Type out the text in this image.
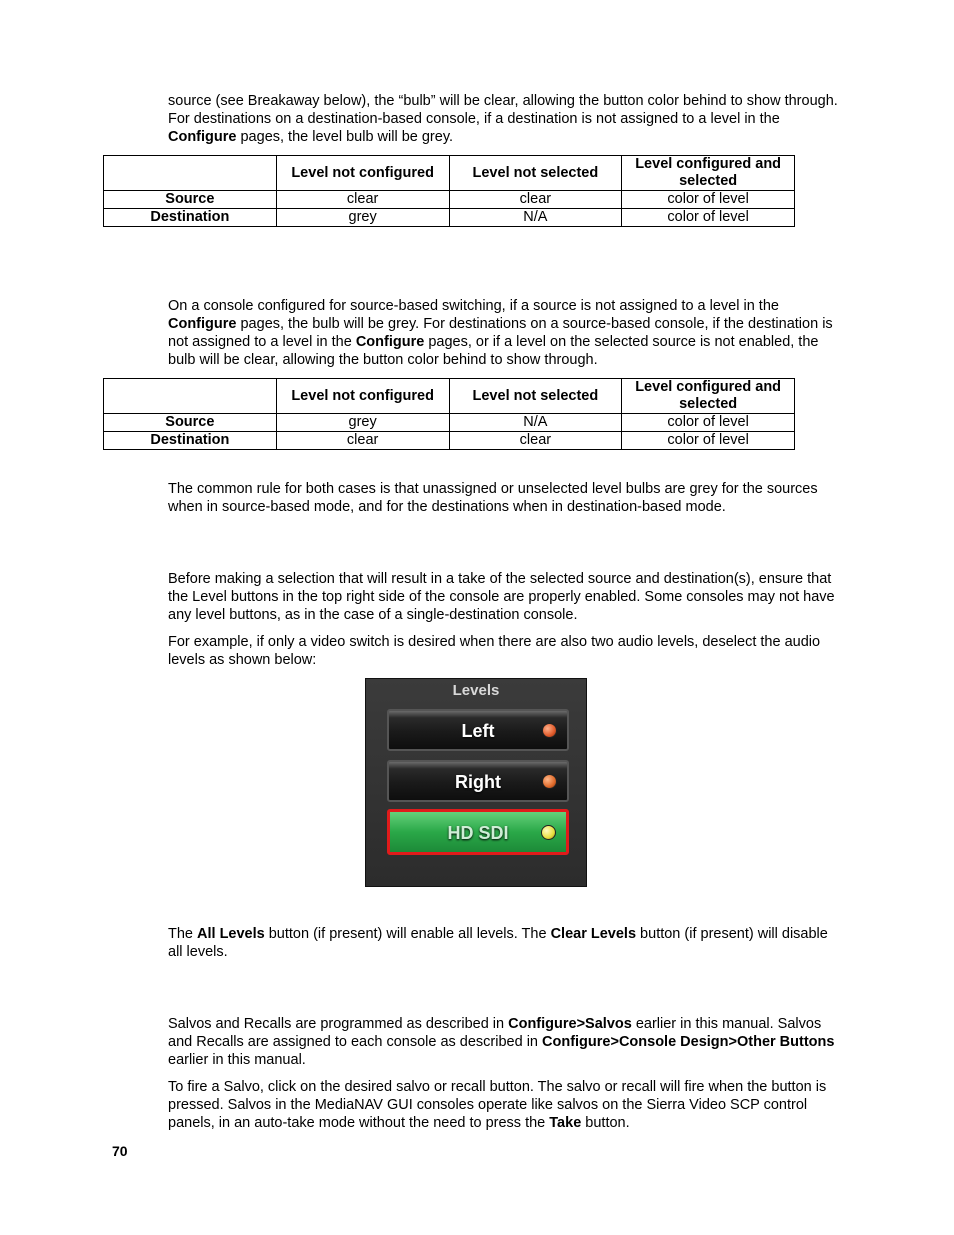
source (see Breakaway below), the “bulb” will be clear, allowing the button color behind to show through. For destinations on a destination-based console, if a destination is not assigned to a level in the Configure pages, the level bulb will be grey.

	Level not configured	Level not selected	Level configured and selected
Source	clear	clear	color of level
Destination	grey	N/A	color of level

On a console configured for source-based switching, if a source is not assigned to a level in the Configure pages, the bulb will be grey. For destinations on a source-based console, if the destination is not assigned to a level in the Configure pages, or if a level on the selected source is not enabled, the bulb will be clear, allowing the button color behind to show through.

	Level not configured	Level not selected	Level configured and selected
Source	grey	N/A	color of level
Destination	clear	clear	color of level

The common rule for both cases is that unassigned or unselected level bulbs are grey for the sources when in source-based mode, and for the destinations when in destination-based mode.

Before making a selection that will result in a take of the selected source and destination(s), ensure that the Level buttons in the top right side of the console are properly enabled. Some consoles may not have any level buttons, as in the case of a single-destination console.

For example, if only a video switch is desired when there are also two audio levels, deselect the audio levels as shown below:

Levels
Left
Right
HD SDI

The All Levels button (if present) will enable all levels. The Clear Levels button (if present) will disable all levels.

Salvos and Recalls are programmed as described in Configure>Salvos earlier in this manual. Salvos and Recalls are assigned to each console as described in Configure>Console Design>Other Buttons earlier in this manual.

To fire a Salvo, click on the desired salvo or recall button. The salvo or recall will fire when the button is pressed. Salvos in the MediaNAV GUI consoles operate like salvos on the Sierra Video SCP control panels, in an auto-take mode without the need to press the Take button.

70
